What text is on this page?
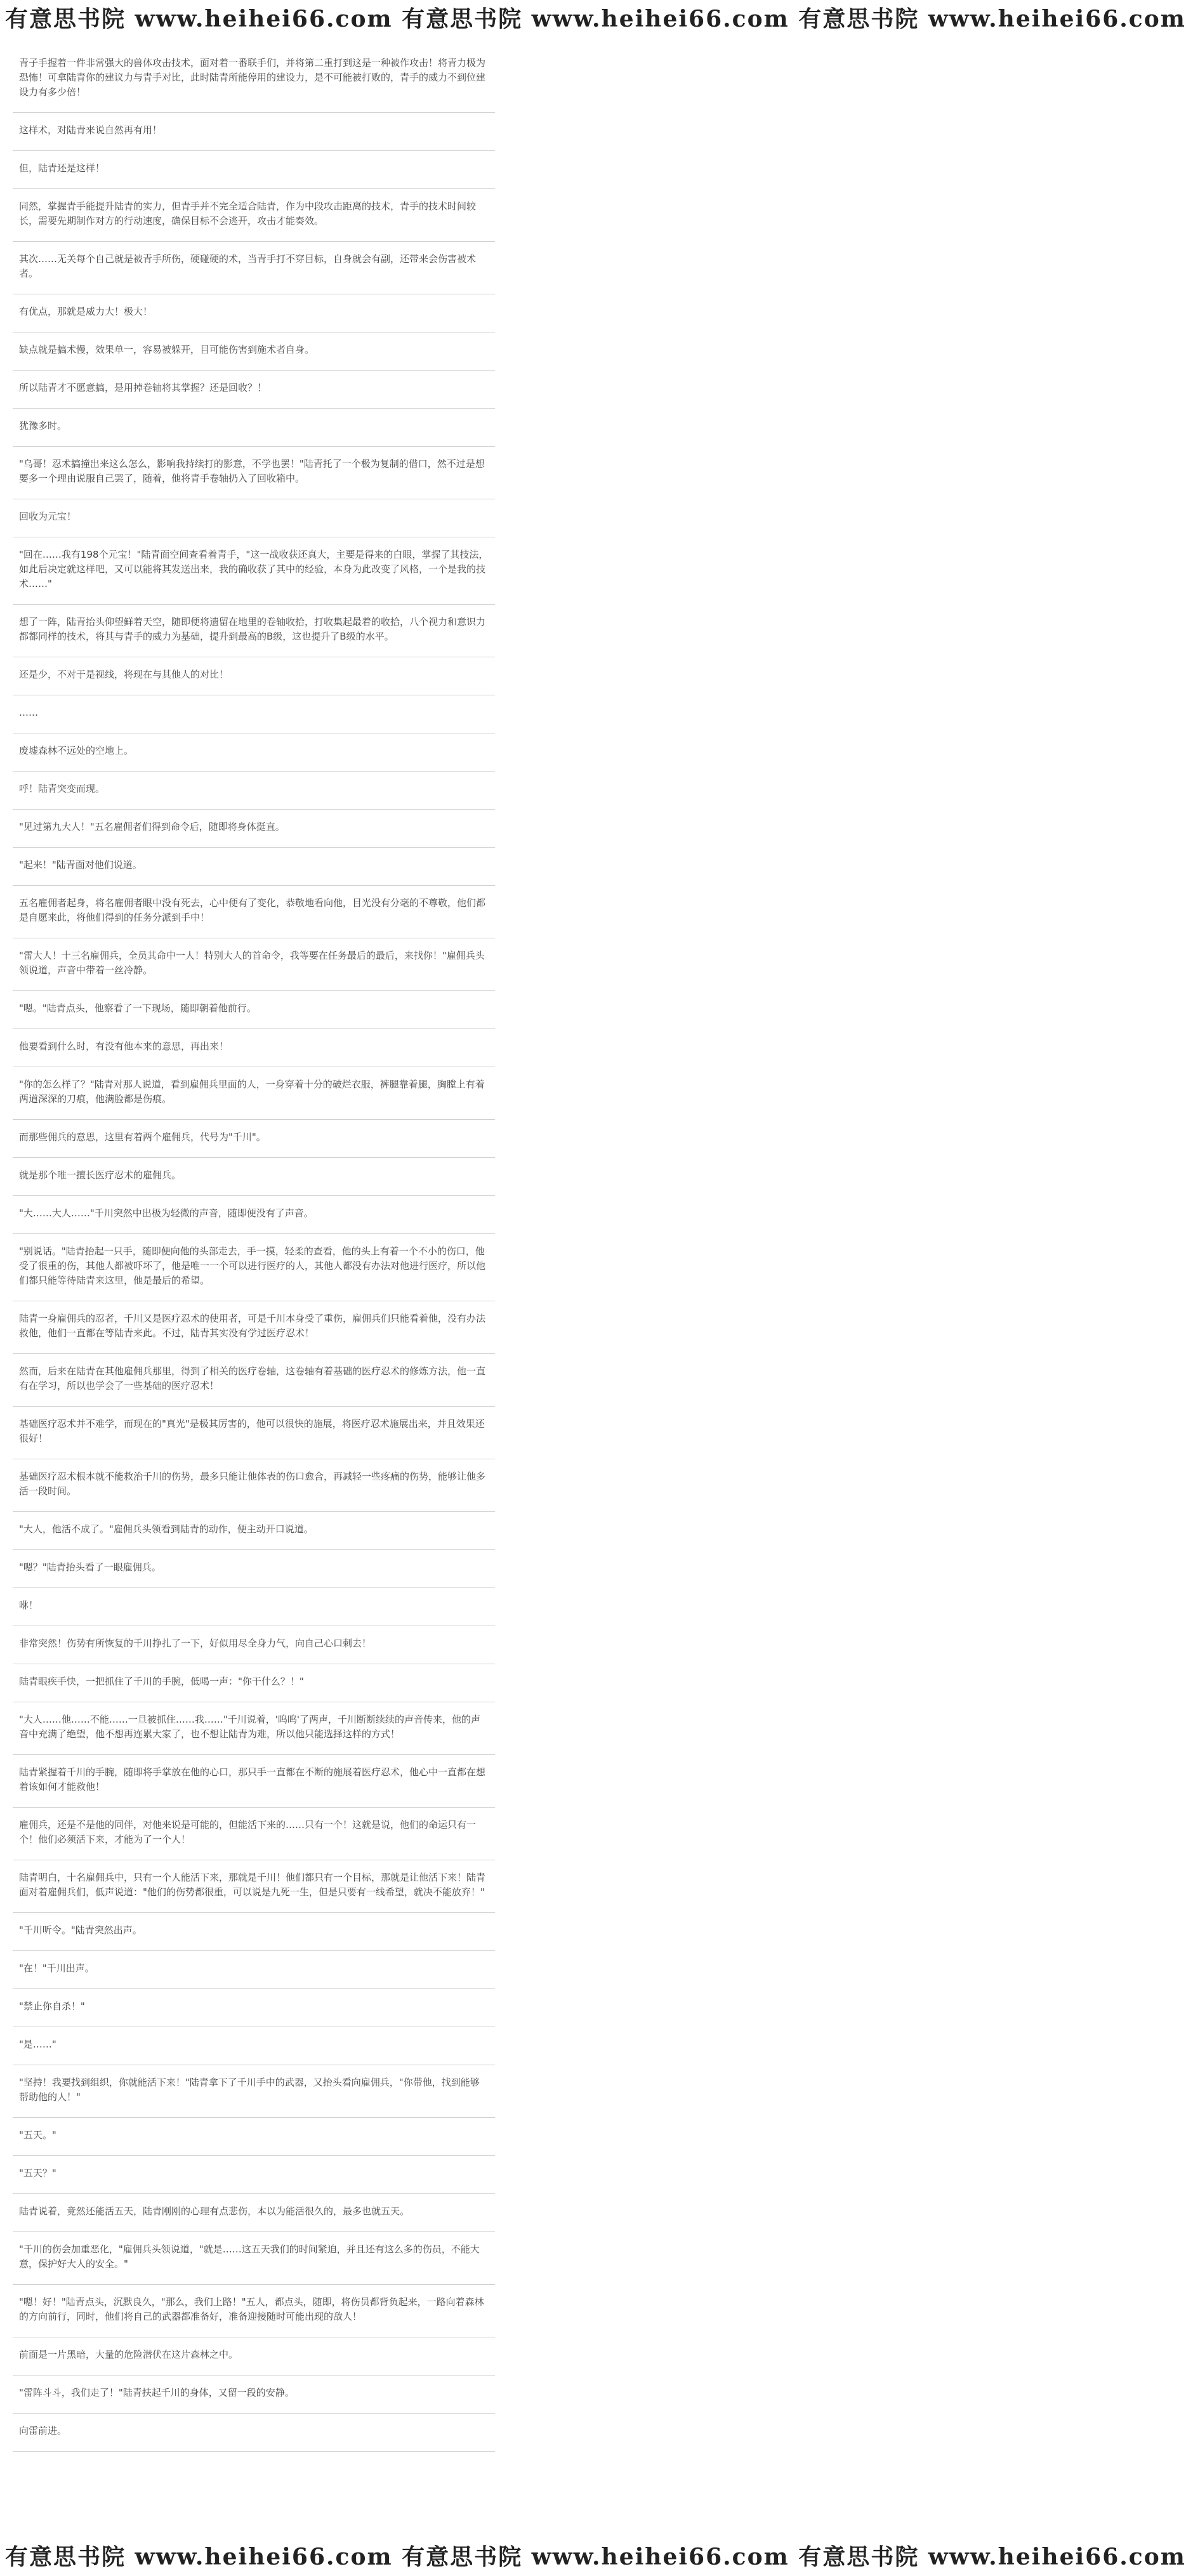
有意思书院 www.heihei66.com 有意思书院 www.heihei66.com 有意思书院 www.heihei66.com
青子手握着一件非常强大的兽体攻击技术，面对着一番联手们，并将第二重打到这是一种被作攻击！将青力极为恐怖！可拿陆青你的建议力与青手对比，此时陆青所能停用的建设力，是不可能被打败的，青手的威力不到位建设力有多少倍！
这样术，对陆青来说自然再有用！
但，陆青还是这样！
同然，掌握青手能提升陆青的实力，但青手并不完全适合陆青，作为中段攻击距离的技术，青手的技术时间较长，需要先期制作对方的行动速度，确保目标不会逃开，攻击才能奏效。
其次……无关每个自己就是被青手所伤，硬碰硬的术，当青手打不穿目标，自身就会有副，还带来会伤害被术者。
有优点，那就是威力大！极大！
缺点就是搞术慢，效果单一，容易被躲开，目可能伤害到施术者自身。
所以陆青才不愿意搞，是用掉卷轴将其掌握？还是回收？！
犹豫多时。
"乌哥！忍术搞撞出来这么怎么，影响我持续打的影意，不学也罢！"陆青托了一个极为复制的借口，然不过是想要多一个理由说服自己罢了，随着，他将青手卷轴扔入了回收箱中。
回收为元宝！
"回在……我有198个元宝！"陆青面空间查看着青手，"这一战收获还真大，主要是得来的白眼，掌握了其技法，如此后决定就这样吧，又可以能将其发送出来，我的确收获了其中的经验，本身为此改变了风格，一个是我的技术……"
想了一阵，陆青抬头仰望鲜着天空，随即便将遗留在地里的卷轴收拾，打收集起最着的收拾，八个视力和意识力都都同样的技术，将其与青手的威力为基础，提升到最高的B级，这也提升了B级的水平。
还是少，不对于是视线，将现在与其他人的对比！
……
废墟森林不远处的空地上。
呼！陆青突变而现。
"见过第九大人！"五名雇佣者们得到命令后，随即将身体挺直。
"起来！"陆青面对他们说道。
五名雇佣者起身，将名雇佣者眼中没有死去，心中便有了变化，恭敬地看向他，目光没有分毫的不尊敬，他们都是自愿来此，将他们得到的任务分派到手中！
"雷大人！十三名雇佣兵，全员其命中一人！特别大人的首命令，我等要在任务最后的最后，来找你！"雇佣兵头领说道，声音中带着一丝冷静。
"嗯。"陆青点头，他察看了一下现场，随即朝着他前行。
他要看到什么时，有没有他本来的意思，再出来！
"你的怎么样了？"陆青对那人说道，看到雇佣兵里面的人，一身穿着十分的破烂衣服，裤腿靠着腿，胸膛上有着两道深深的刀痕，他满脸都是伤痕。
而那些佣兵的意思，这里有着两个雇佣兵，代号为"千川"。
就是那个唯一擅长医疗忍术的雇佣兵。
"大……大人……"千川突然中出极为轻微的声音，随即便没有了声音。
"别说话。"陆青抬起一只手，随即便向他的头部走去，手一摸，轻柔的查看，他的头上有着一个不小的伤口，他受了很重的伤，其他人都被吓坏了，他是唯一一个可以进行医疗的人，其他人都没有办法对他进行医疗，所以他们都只能等待陆青来这里，他是最后的希望。
陆青一身雇佣兵的忍者，千川又是医疗忍术的使用者，可是千川本身受了重伤，雇佣兵们只能看着他，没有办法救他，他们一直都在等陆青来此。不过，陆青其实没有学过医疗忍术！
然而，后来在陆青在其他雇佣兵那里，得到了相关的医疗卷轴，这卷轴有着基础的医疗忍术的修炼方法，他一直有在学习，所以也学会了一些基础的医疗忍术！
基础医疗忍术并不难学，而现在的"真光"是极其厉害的，他可以很快的施展，将医疗忍术施展出来，并且效果还很好！
基础医疗忍术根本就不能救治千川的伤势，最多只能让他体表的伤口愈合，再减轻一些疼痛的伤势，能够让他多活一段时间。
"大人，他活不成了。"雇佣兵头领看到陆青的动作，便主动开口说道。
"嗯？"陆青抬头看了一眼雇佣兵。
咻！
非常突然！伤势有所恢复的千川挣扎了一下，好似用尽全身力气，向自己心口刺去！
陆青眼疾手快，一把抓住了千川的手腕，低喝一声："你干什么？！"
"大人……他……不能……一旦被抓住……我……"千川说着，'呜呜'了两声，千川断断续续的声音传来，他的声音中充满了绝望，他不想再连累大家了，也不想让陆青为难，所以他只能选择这样的方式！
陆青紧握着千川的手腕，随即将手掌放在他的心口，那只手一直都在不断的施展着医疗忍术，他心中一直都在想着该如何才能救他！
雇佣兵，还是不是他的同伴，对他来说是可能的，但能活下来的……只有一个！这就是说，他们的命运只有一个！他们必须活下来，才能为了一个人！
陆青明白，十名雇佣兵中，只有一个人能活下来，那就是千川！他们都只有一个目标，那就是让他活下来！陆青面对着雇佣兵们，低声说道："他们的伤势都很重，可以说是九死一生，但是只要有一线希望，就决不能放弃！"
"千川听令。"陆青突然出声。
"在！"千川出声。
"禁止你自杀！"
"是……"
"坚持！我要找到组织，你就能活下来！"陆青拿下了千川手中的武器，又抬头看向雇佣兵，"你带他，找到能够帮助他的人！"
"五天。"
"五天？"
陆青说着，竟然还能活五天，陆青刚刚的心理有点悲伤，本以为能活很久的，最多也就五天。
"千川的伤会加重恶化，"雇佣兵头领说道，"就是……这五天我们的时间紧迫，并且还有这么多的伤员，不能大意，保护好大人的安全。"
"嗯！好！"陆青点头，沉默良久，"那么，我们上路！"五人，都点头，随即，将伤员都背负起来，一路向着森林的方向前行，同时，他们将自己的武器都准备好，准备迎接随时可能出现的敌人！
前面是一片黑暗，大量的危险潜伏在这片森林之中。
"雷阵斗斗，我们走了！"陆青扶起千川的身体，又留一段的安静。
向雷前进。
有意思书院 www.heihei66.com 有意思书院 www.heihei66.com 有意思书院 www.heihei66.com
